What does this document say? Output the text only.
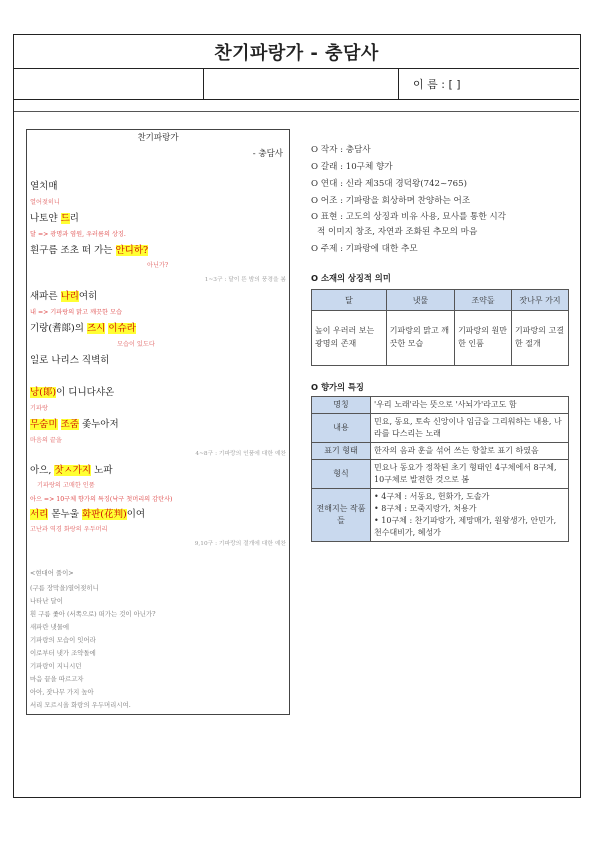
찬기파랑가 - 충담사
이 름 : [ ]
찬기파랑가
- 충담사
열치매
열어젖히니
나토얀 드리
달 => 광명과 염원, 우러름의 상징.
흰구름 조초 떠 가는 안디하?
아닌가?
1~3구 : 달이 뜬 밤의 풍경을 봄
새파른 나리여히
내 => 기파랑의 맑고 깨끗한 모습
기랑(耆郞)의 즈시 이슈라
모습이 있도다
일로 나리스 직벽히
낭(郞)이 디니다샤온
기파랑
무숨미 조줌 좇누아저
마음의 끝을
4~8구 : 기파랑의 인품에 대한 예찬
아으, 잣ㅅ가지 노파
기파랑의 고매한 인품
아으 => 10구체 향가의 특징(낙구 첫머리의 감탄사)
서리 몯누울 화판(花判)이여
고난과 역경 화랑의 우두머리
9,10구 : 기파랑의 절개에 대한 예찬
<현대어 풀이>
(구름 장막을)열어젖히니
나타난 달이
흰 구름 좇아 (서쪽으로) 떠가는 것이 아닌가?
새파란 냇물에
기파랑의 모습이 잇어라
이로부터 냇가 조약돌에
기파랑이 지니시던
마음 끝을 따르고자
아아, 잣나무 가지 높아
서리 모르시올 화랑의 우두머리시여.
O 작자 : 충담사
O 갈래 : 10구체 향가
O 연대 : 신라 제35대 경덕왕(742~765)
O 어조 : 기파랑을 회상하며 찬양하는 어조
O 표현 : 고도의 상징과 비유 사용, 묘사를 통한 시각
적 이미지 창조, 자연과 조화된 추모의 마음
O 주제 : 기파랑에 대한 추모
O 소재의 상징적 의미
달	냇물	조약돌	잣나무 가지
높이 우러러 보는 광명의 존재	기파랑의 맑고 깨끗한 모습	기파랑의 원만한 인품	기파랑의 고결한 절개
O 향가의 특징
명칭	'우리 노래'라는 뜻으로 '사뇌가'라고도 함
내용	민요, 동요, 토속 신앙이나 임금을 그리워하는 내용, 나라를 다스리는 노래
표기 형태	한자의 음과 훈을 섞어 쓰는 향찰로 표기 하였음
형식	민요나 동요가 정착된 초기 형태인 4구체에서 8구체, 10구체로 발전한 것으로 봄
전해지는 작품들	• 4구체 : 서동요, 헌화가, 도솔가
• 8구체 : 모죽지랑가, 처용가
• 10구체 : 찬기파랑가, 제망매가, 원왕생가, 안민가, 천수대비가, 혜성가
